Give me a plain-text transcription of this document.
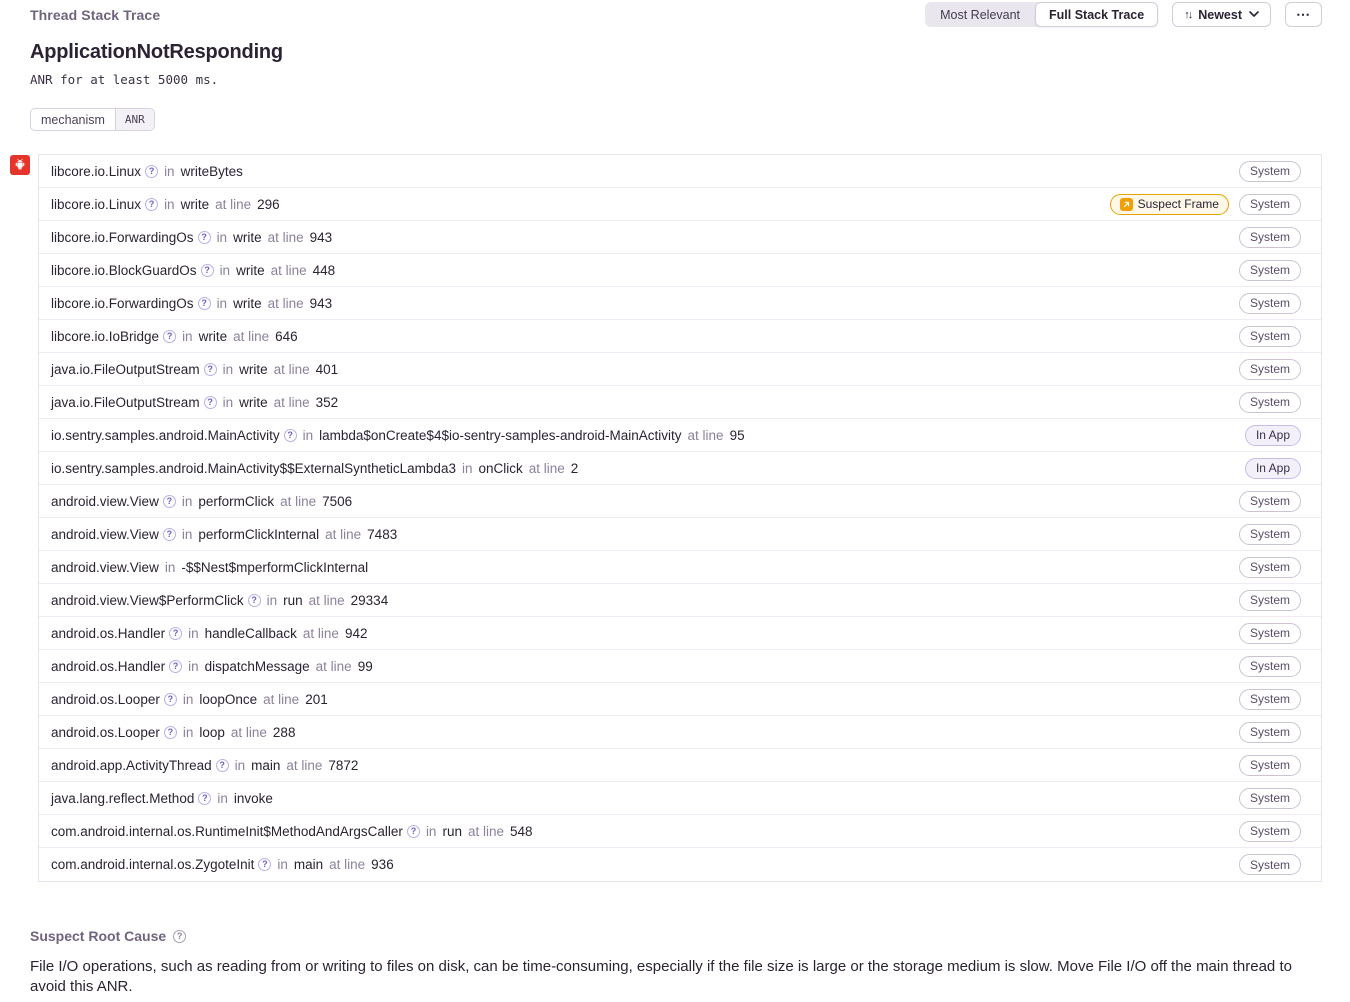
Thread Stack Trace	Most Relevant	Full Stack Trace	↑↓ Newest	⋯
ApplicationNotResponding
ANR for at least 5000 ms.
mechanism	ANR
libcore.io.Linux ? in writeBytes	System
libcore.io.Linux ? in write at line 296	Suspect Frame	System
libcore.io.ForwardingOs ? in write at line 943	System
libcore.io.BlockGuardOs ? in write at line 448	System
libcore.io.ForwardingOs ? in write at line 943	System
libcore.io.IoBridge ? in write at line 646	System
java.io.FileOutputStream ? in write at line 401	System
java.io.FileOutputStream ? in write at line 352	System
io.sentry.samples.android.MainActivity ? in lambda$onCreate$4$io-sentry-samples-android-MainActivity at line 95	In App
io.sentry.samples.android.MainActivity$$ExternalSyntheticLambda3 in onClick at line 2	In App
android.view.View ? in performClick at line 7506	System
android.view.View ? in performClickInternal at line 7483	System
android.view.View in -$$Nest$mperformClickInternal	System
android.view.View$PerformClick ? in run at line 29334	System
android.os.Handler ? in handleCallback at line 942	System
android.os.Handler ? in dispatchMessage at line 99	System
android.os.Looper ? in loopOnce at line 201	System
android.os.Looper ? in loop at line 288	System
android.app.ActivityThread ? in main at line 7872	System
java.lang.reflect.Method ? in invoke	System
com.android.internal.os.RuntimeInit$MethodAndArgsCaller ? in run at line 548	System
com.android.internal.os.ZygoteInit ? in main at line 936	System
Suspect Root Cause	?
File I/O operations, such as reading from or writing to files on disk, can be time-consuming, especially if the file size is large or the storage medium is slow. Move File I/O off the main thread to avoid this ANR.
